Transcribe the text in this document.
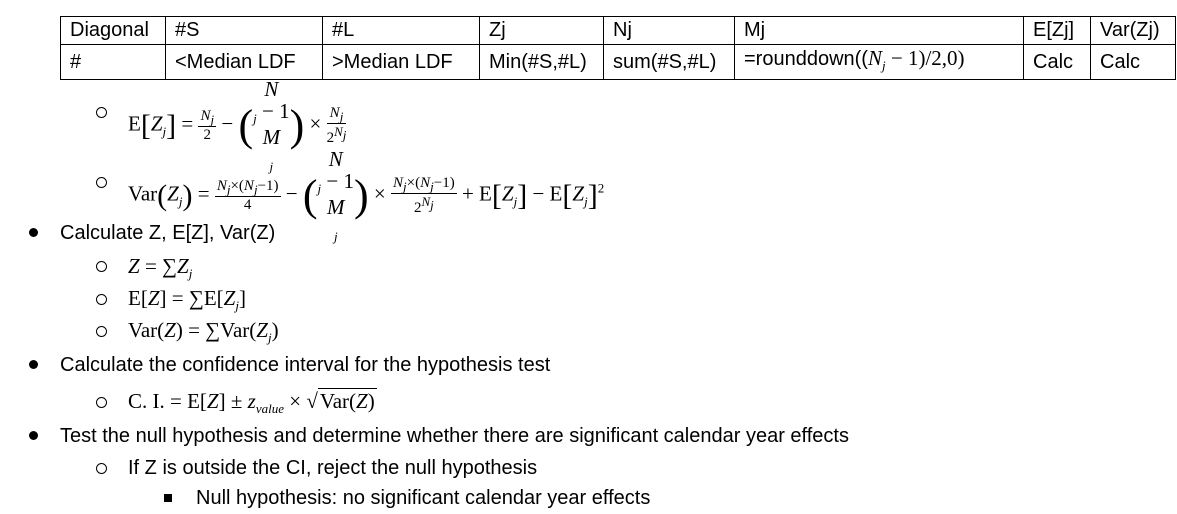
Diagonal	#S	#L	Zj	Nj	Mj	E[Zj]	Var(Zj)
#	<Median LDF	>Median LDF	Min(#S,#L)	sum(#S,#L)	$=rounddown((N_j - 1)/2,0)$	Calc	Calc
$E[Z_j] = \frac{N_j}{2}$ − (
N
$_j$ − 1
M
$_j$
) × $\frac{N_j}{2^{N_j}}$
$Var(Z_j) = \frac{N_j\times(N_j-1)}{4}$ − (
N
$_j$ − 1
M
$_j$
) × $\frac{N_j\times(N_j-1)}{2^{N_j}} + E[Z_j] - E[Z_j]^2$
Calculate Z, E[Z], Var(Z)
$Z = \sum Z_j$
$E[Z] = \sum E[Z_j]$
$Var(Z) = \sum Var(Z_j)$
Calculate the confidence interval for the hypothesis test
C. I. = $E[Z] \pm z_{value} \times √Var(Z)$
Test the null hypothesis and determine whether there are significant calendar year effects
If Z is outside the CI, reject the null hypothesis
Null hypothesis: no significant calendar year effects
